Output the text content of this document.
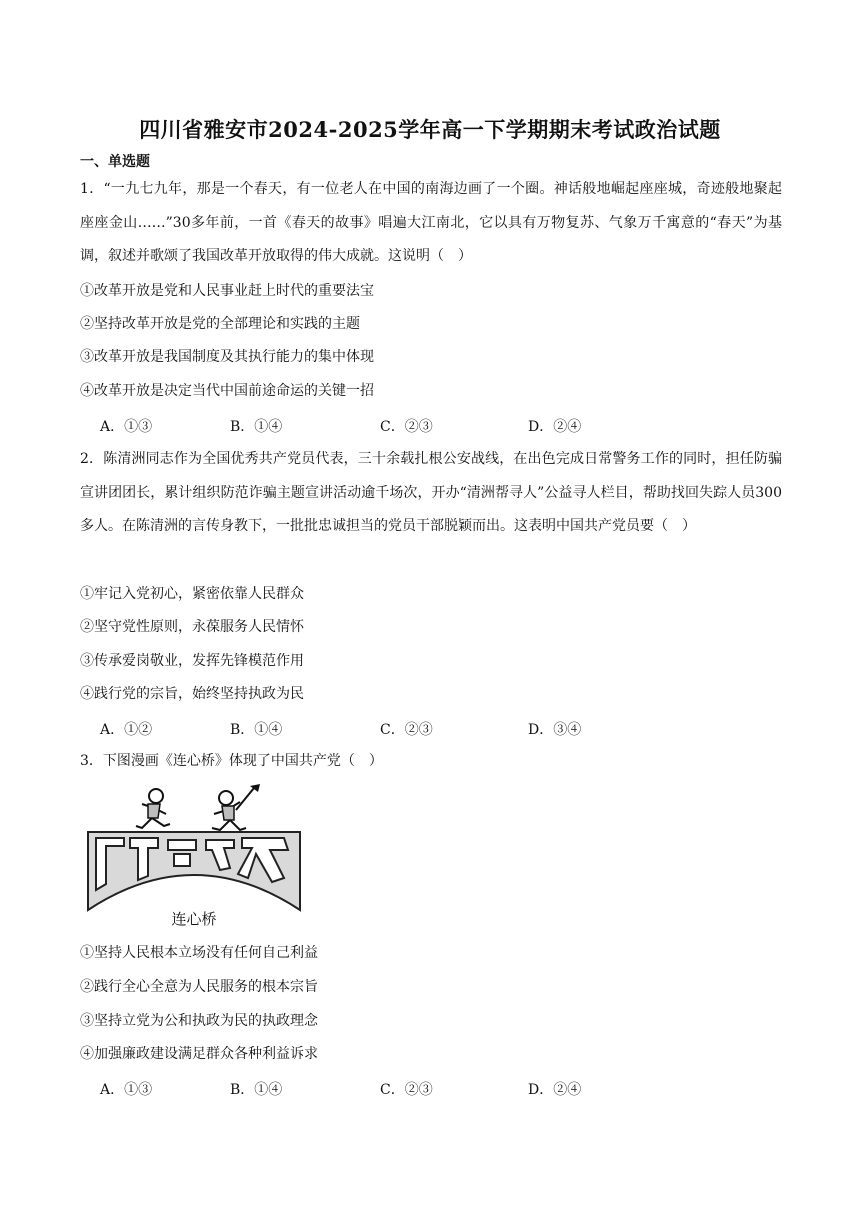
四川省雅安市2024-2025学年高一下学期期末考试政治试题
一、单选题
1．“一九七九年，那是一个春天，有一位老人在中国的南海边画了一个圈。神话般地崛起座座城，奇迹般地聚起座座金山……”30多年前，一首《春天的故事》唱遍大江南北，它以具有万物复苏、气象万千寓意的“春天”为基调，叙述并歌颂了我国改革开放取得的伟大成就。这说明（　）
①改革开放是党和人民事业赶上时代的重要法宝
②坚持改革开放是党的全部理论和实践的主题
③改革开放是我国制度及其执行能力的集中体现
④改革开放是决定当代中国前途命运的关键一招
A．①③	B．①④	C．②③	D．②④
2．陈清洲同志作为全国优秀共产党员代表，三十余载扎根公安战线，在出色完成日常警务工作的同时，担任防骗宣讲团团长，累计组织防范诈骗主题宣讲活动逾千场次，开办“清洲帮寻人”公益寻人栏目，帮助找回失踪人员300多人。在陈清洲的言传身教下，一批批忠诚担当的党员干部脱颖而出。这表明中国共产党员要（　）
①牢记入党初心，紧密依靠人民群众
②坚守党性原则，永葆服务人民情怀
③传承爱岗敬业，发挥先锋模范作用
④践行党的宗旨，始终坚持执政为民
A．①②	B．①④	C．②③	D．③④
3．下图漫画《连心桥》体现了中国共产党（　）
连心桥
①坚持人民根本立场没有任何自己利益
②践行全心全意为人民服务的根本宗旨
③坚持立党为公和执政为民的执政理念
④加强廉政建设满足群众各种利益诉求
A．①③	B．①④	C．②③	D．②④
